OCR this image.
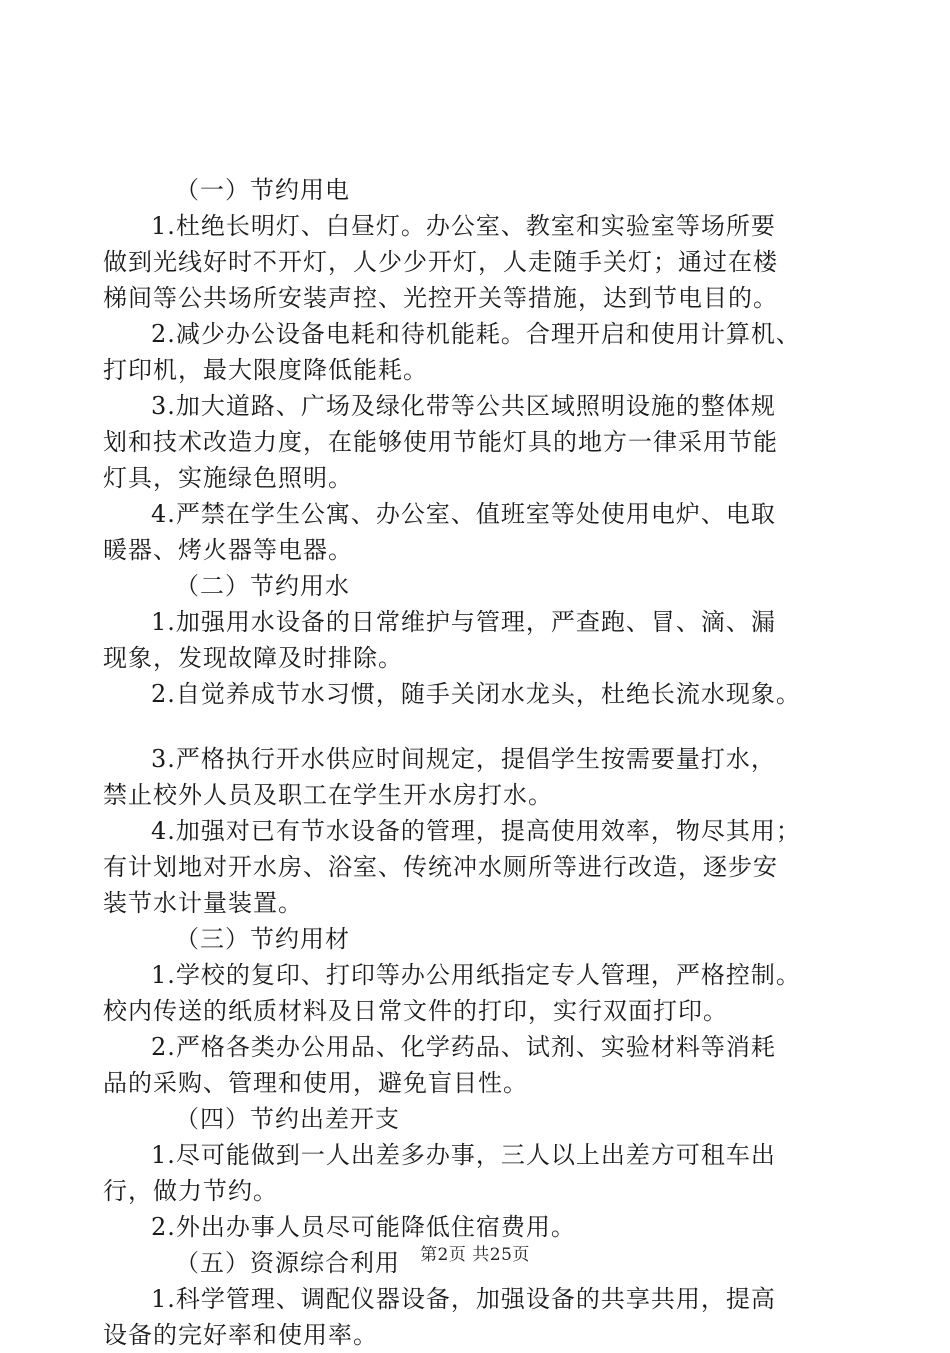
（一）节约用电
1.杜绝长明灯、白昼灯。办公室、教室和实验室等场所要
做到光线好时不开灯，人少少开灯，人走随手关灯；通过在楼
梯间等公共场所安装声控、光控开关等措施，达到节电目的。
2.减少办公设备电耗和待机能耗。合理开启和使用计算机、
打印机，最大限度降低能耗。
3.加大道路、广场及绿化带等公共区域照明设施的整体规
划和技术改造力度，在能够使用节能灯具的地方一律采用节能
灯具，实施绿色照明。
4.严禁在学生公寓、办公室、值班室等处使用电炉、电取
暖器、烤火器等电器。
（二）节约用水
1.加强用水设备的日常维护与管理，严查跑、冒、滴、漏
现象，发现故障及时排除。
2.自觉养成节水习惯，随手关闭水龙头，杜绝长流水现象。
3.严格执行开水供应时间规定，提倡学生按需要量打水，
禁止校外人员及职工在学生开水房打水。
4.加强对已有节水设备的管理，提高使用效率，物尽其用；
有计划地对开水房、浴室、传统冲水厕所等进行改造，逐步安
装节水计量装置。
（三）节约用材
1.学校的复印、打印等办公用纸指定专人管理，严格控制。
校内传送的纸质材料及日常文件的打印，实行双面打印。
2.严格各类办公用品、化学药品、试剂、实验材料等消耗
品的采购、管理和使用，避免盲目性。
（四）节约出差开支
1.尽可能做到一人出差多办事，三人以上出差方可租车出
行，做力节约。
2.外出办事人员尽可能降低住宿费用。
（五）资源综合利用
1.科学管理、调配仪器设备，加强设备的共享共用，提高
设备的完好率和使用率。
第2页 共25页
